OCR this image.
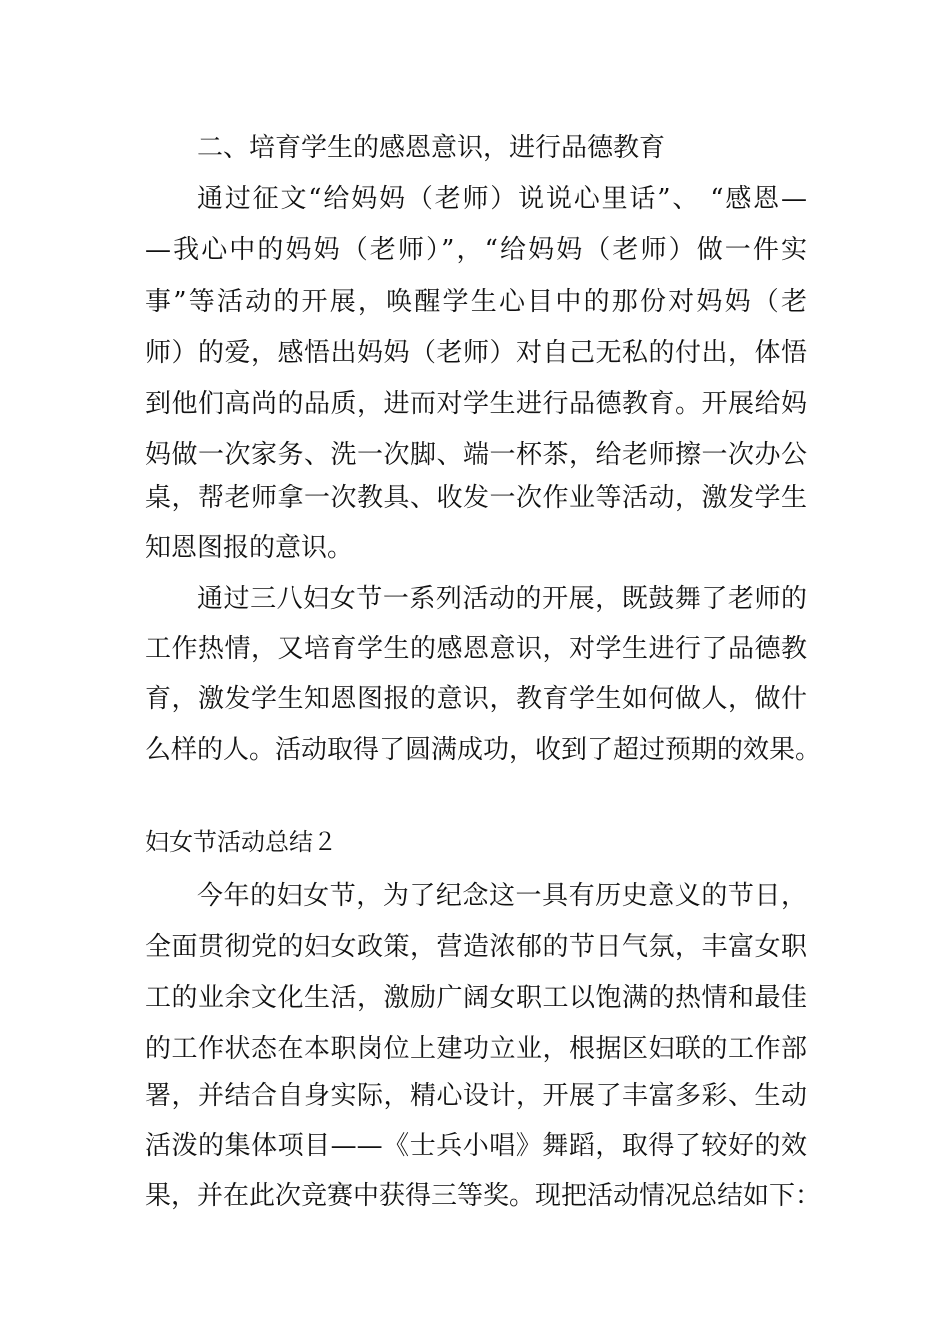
二、培育学生的感恩意识，进行品德教育
通过征文“给妈妈（老师）说说心里话”、 “感恩—
—我心中的妈妈（老师）”，“给妈妈（老师）做一件实
事”等活动的开展，唤醒学生心目中的那份对妈妈（老
师）的爱，感悟出妈妈（老师）对自己无私的付出，体悟
到他们高尚的品质，进而对学生进行品德教育。开展给妈
妈做一次家务、洗一次脚、端一杯茶，给老师擦一次办公
桌，帮老师拿一次教具、收发一次作业等活动，激发学生
知恩图报的意识。
通过三八妇女节一系列活动的开展，既鼓舞了老师的
工作热情，又培育学生的感恩意识，对学生进行了品德教
育，激发学生知恩图报的意识，教育学生如何做人，做什
么样的人。活动取得了圆满成功，收到了超过预期的效果。
妇女节活动总结２
今年的妇女节，为了纪念这一具有历史意义的节日，
全面贯彻党的妇女政策，营造浓郁的节日气氛，丰富女职
工的业余文化生活，激励广阔女职工以饱满的热情和最佳
的工作状态在本职岗位上建功立业，根据区妇联的工作部
署，并结合自身实际，精心设计，开展了丰富多彩、生动
活泼的集体项目——《士兵小唱》舞蹈，取得了较好的效
果，并在此次竞赛中获得三等奖。现把活动情况总结如下：
